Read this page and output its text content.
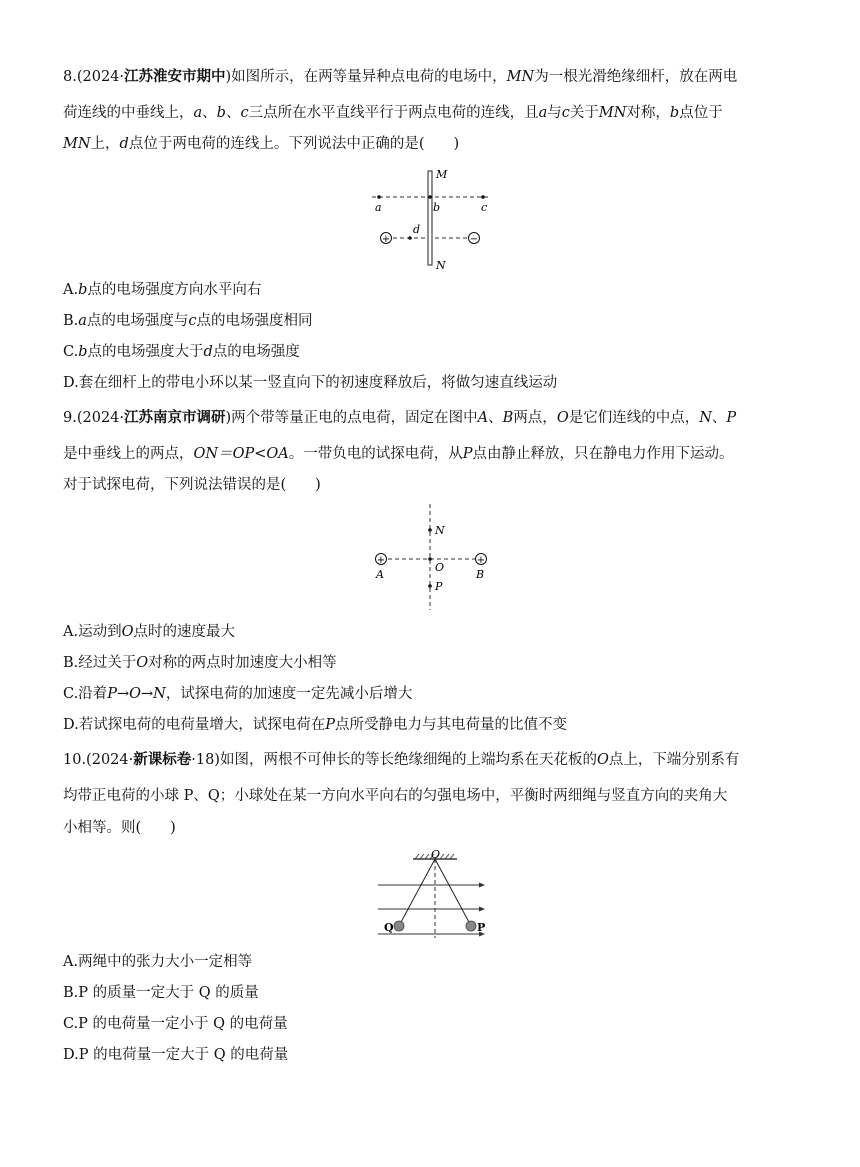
8.(2024·江苏淮安市期中)如图所示，在两等量异种点电荷的电场中，MN为一根光滑绝缘细杆，放在两电
荷连线的中垂线上，a、b、c三点所在水平直线平行于两点电荷的连线，且a与c关于MN对称，b点位于
MN上，d点位于两电荷的连线上。下列说法中正确的是(　　)
M
N
a	b	c
d
+	−
A.b点的电场强度方向水平向右
B.a点的电场强度与c点的电场强度相同
C.b点的电场强度大于d点的电场强度
D.套在细杆上的带电小环以某一竖直向下的初速度释放后，将做匀速直线运动
9.(2024·江苏南京市调研)两个带等量正电的点电荷，固定在图中A、B两点，O是它们连线的中点，N、P
是中垂线上的两点，ON＝OP<OA。一带负电的试探电荷，从P点由静止释放，只在静电力作用下运动。
对于试探电荷，下列说法错误的是(　　)
N
O
P
+
A
+
B
A.运动到O点时的速度最大
B.经过关于O对称的两点时加速度大小相等
C.沿着P→O→N，试探电荷的加速度一定先减小后增大
D.若试探电荷的电荷量增大，试探电荷在P点所受静电力与其电荷量的比值不变
10.(2024·新课标卷·18)如图，两根不可伸长的等长绝缘细绳的上端均系在天花板的O点上，下端分别系有
均带正电荷的小球 P、Q；小球处在某一方向水平向右的匀强电场中，平衡时两细绳与竖直方向的夹角大
小相等。则(　　)
O
Q	P
A.两绳中的张力大小一定相等
B.P 的质量一定大于 Q 的质量
C.P 的电荷量一定小于 Q 的电荷量
D.P 的电荷量一定大于 Q 的电荷量
